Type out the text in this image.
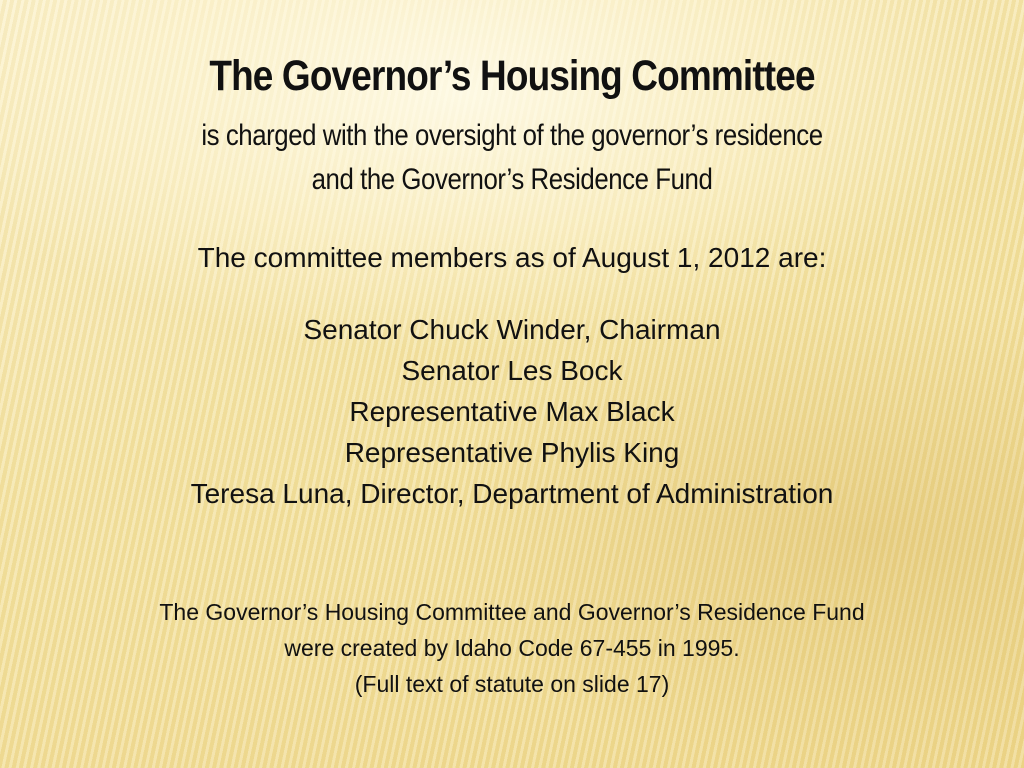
The Governor’s Housing Committee
is charged with the oversight of the governor’s residence
and the Governor’s Residence Fund
The committee members as of August 1, 2012 are:
Senator Chuck Winder, Chairman
Senator Les Bock
Representative Max Black
Representative Phylis King
Teresa Luna, Director, Department of Administration
The Governor’s Housing Committee and Governor’s Residence Fund
were created by Idaho Code 67-455 in 1995.
(Full text of statute on slide 17)
